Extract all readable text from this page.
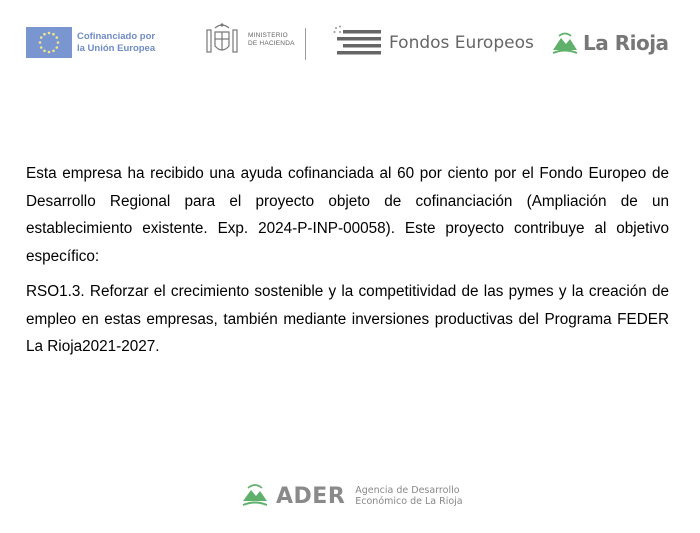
Cofinanciado por
la Unión Europea
MINISTERIO
DE HACIENDA	Fondos Europeos La Rioja

Esta empresa ha recibido una ayuda cofinanciada al 60 por ciento por el Fondo Europeo de Desarrollo Regional para el proyecto objeto de cofinanciación (Ampliación de un establecimiento existente. Exp. 2024-P-INP-00058). Este proyecto contribuye al objetivo específico:

RSO1.3. Reforzar el crecimiento sostenible y la competitividad de las pymes y la creación de empleo en estas empresas, también mediante inversiones productivas del Programa FEDER La Rioja2021-2027.

ADER Agencia de Desarrollo
Económico de La Rioja
